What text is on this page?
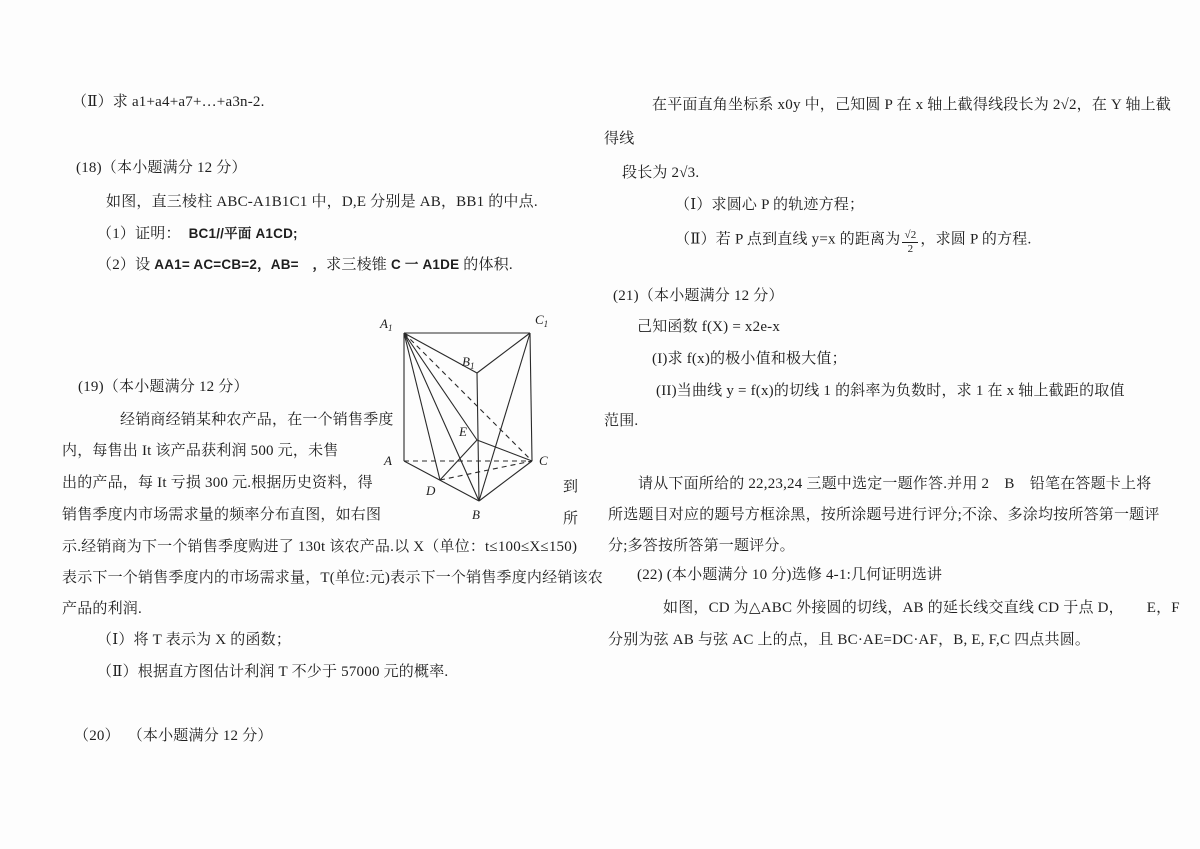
（Ⅱ）求 a1+a4+a7+…+a3n-2.
(18)（本小题满分 12 分）
如图，直三棱柱 ABC-A1B1C1 中，D,E 分别是 AB，BB1 的中点.
（1）证明：  BC1//平面 A1CD;
（2）设 AA1= AC=CB=2，AB=　，求三棱锥 C 一 A1DE 的体积.
(19)（本小题满分 12 分）
经销商经销某种农产品，在一个销售季度
内，每售出 It 该产品获利润 500 元，未售
出的产品，每 It 亏损 300 元.根据历史资料，得	到
销售季度内市场需求量的频率分布直图，如右图	所
示.经销商为下一个销售季度购进了 130t 该农产品.以 X（单位：t≤100≤X≤150)
表示下一个销售季度内的市场需求量，T(单位:元)表示下一个销售季度内经销该农
产品的利润.
（Ⅰ）将 T 表示为 X 的函数；
（Ⅱ）根据直方图估计利润 T 不少于 57000 元的概率.
（20）  （本小题满分 12 分）
$A_1$
$C_1$
$B_1$
A	C
B
D
E
在平面直角坐标系 x0y 中，己知圆 P 在 x 轴上截得线段长为 2√2，在 Y 轴上截
得线
段长为 2√3.
（Ⅰ）求圆心 P 的轨迹方程；
（Ⅱ）若 P 点到直线 y=x 的距离为 $\frac{√2}{2}$ ，求圆 P 的方程.
(21)（本小题满分 12 分）
己知函数 f(X) = x2e-x
(I)求 f(x)的极小值和极大值；
(II)当曲线 y = f(x)的切线 1 的斜率为负数时，求 1 在 x 轴上截距的取值
范围.
请从下面所给的 22,23,24 三题中选定一题作答.并用 2　B　铅笔在答题卡上将
所选题目对应的题号方框涂黑，按所涂题号进行评分;不涂、多涂均按所答第一题评
分;多答按所答第一题评分。
(22) (本小题满分 10 分)选修 4-1:几何证明选讲
如图，CD 为△ABC 外接圆的切线，AB 的延长线交直线 CD 于点 D，　　E，F
分别为弦 AB 与弦 AC 上的点，且 BC·AE=DC·AF，B, E, F,C 四点共圆。
